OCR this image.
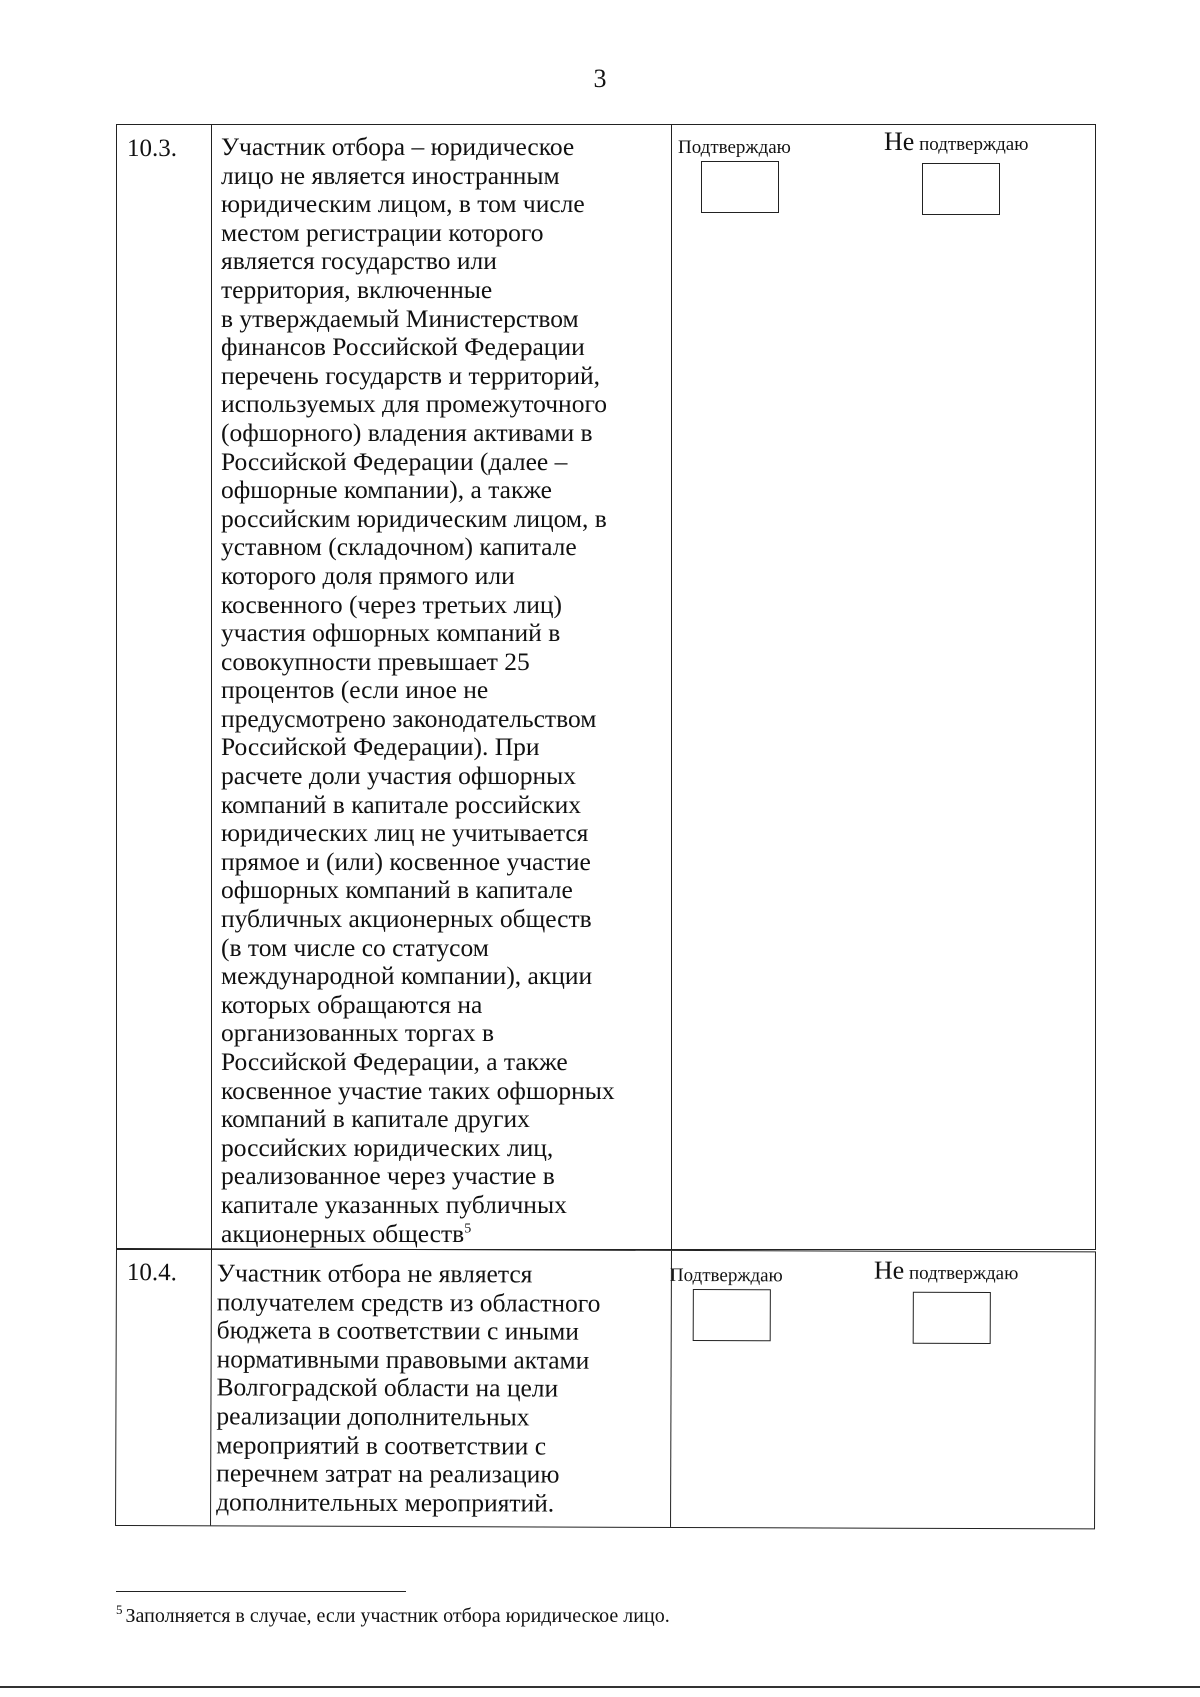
3
10.3. Участник отбора – юридическое
лицо не является иностранным
юридическим лицом, в том числе
местом регистрации которого
является государство или
территория, включенные
в утверждаемый Министерством
финансов Российской Федерации
перечень государств и территорий,
используемых для промежуточного
(офшорного) владения активами в
Российской Федерации (далее –
офшорные компании), а также
российским юридическим лицом, в
уставном (складочном) капитале
которого доля прямого или
косвенного (через третьих лиц)
участия офшорных компаний в
совокупности превышает 25
процентов (если иное не
предусмотрено законодательством
Российской Федерации). При
расчете доли участия офшорных
компаний в капитале российских
юридических лиц не учитывается
прямое и (или) косвенное участие
офшорных компаний в капитале
публичных акционерных обществ
(в том числе со статусом
международной компании), акции
которых обращаются на
организованных торгах в
Российской Федерации, а также
косвенное участие таких офшорных
компаний в капитале других
российских юридических лиц,
реализованное через участие в
капитале указанных публичных
акционерных обществ$^5$
Подтверждаю	Не подтверждаю
10.4. Участник отбора не является
получателем средств из областного
бюджета в соответствии с иными
нормативными правовыми актами
Волгоградской области на цели
реализации дополнительных
мероприятий в соответствии с
перечнем затрат на реализацию
дополнительных мероприятий.
Подтверждаю	Не подтверждаю
$^5$ Заполняется в случае, если участник отбора юридическое лицо.
